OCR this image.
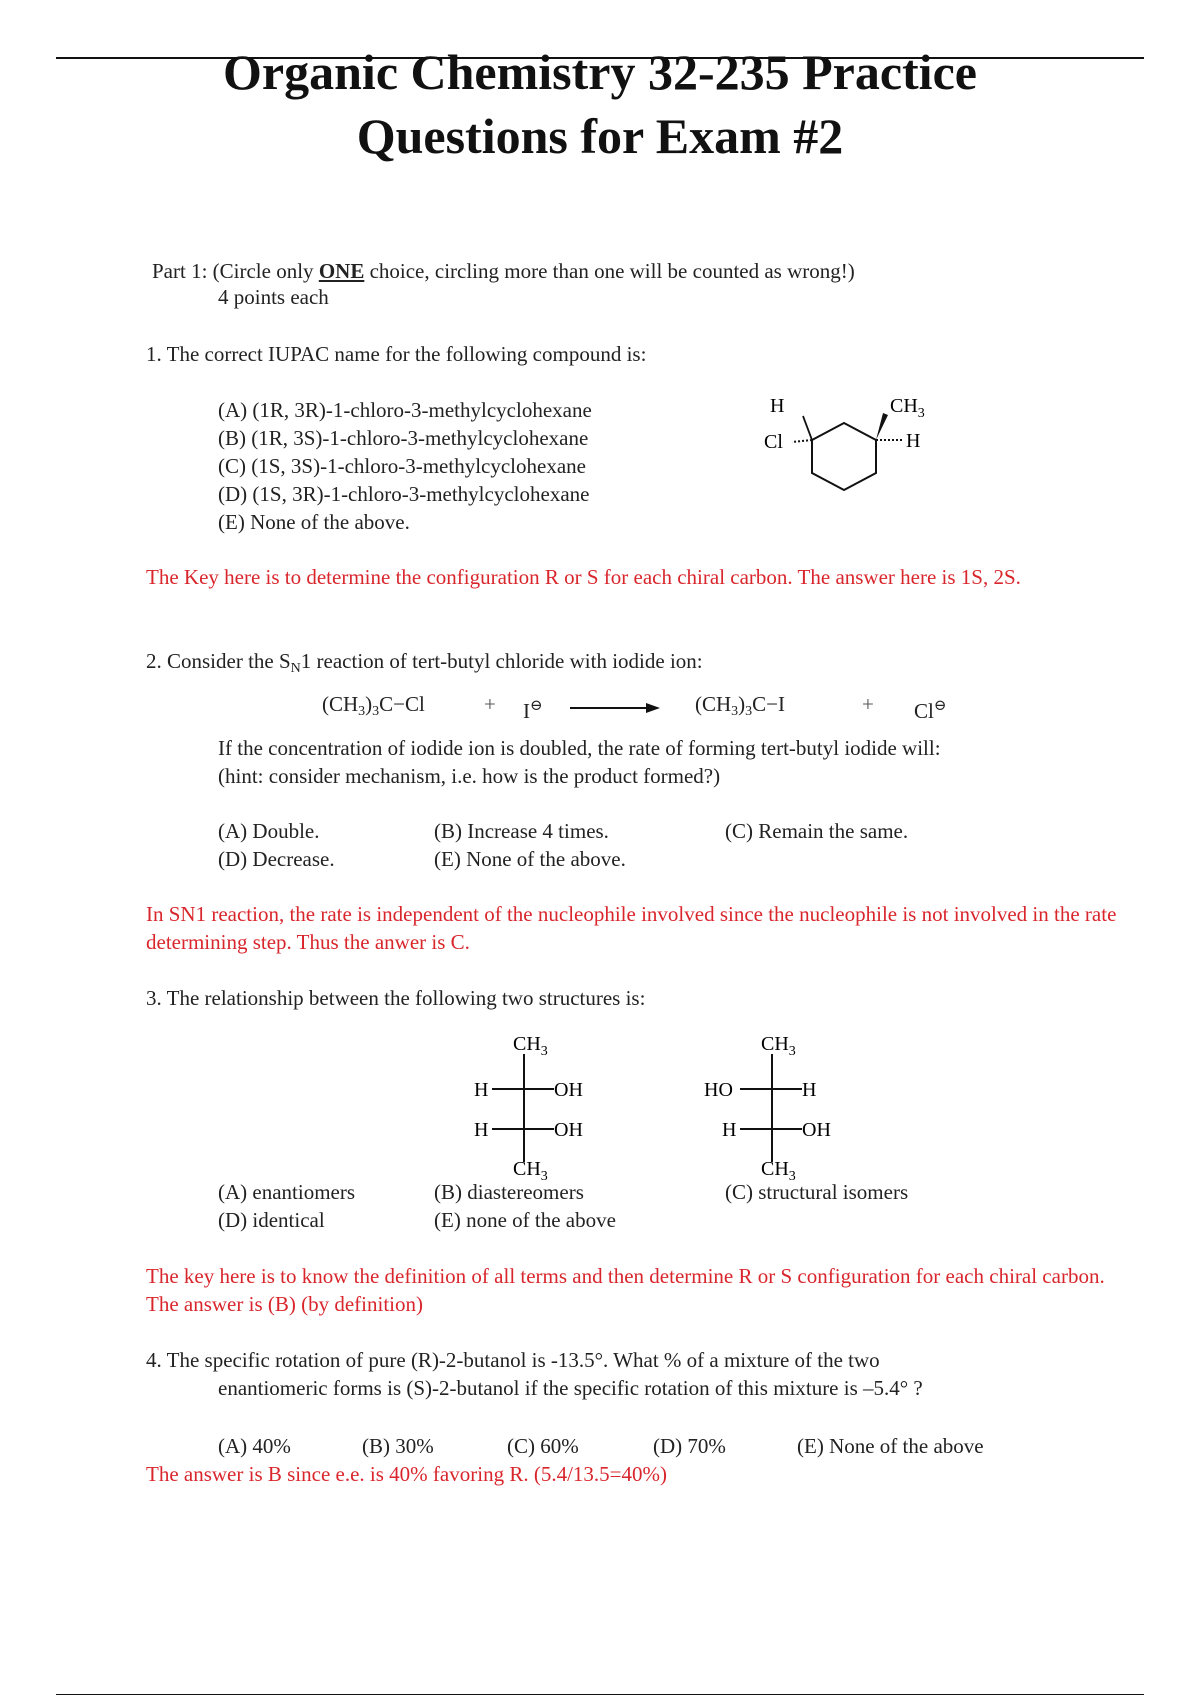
Organic Chemistry 32-235 Practice
Questions for Exam #2
Part 1: (Circle only ONE choice, circling more than one will be counted as wrong!)
4 points each
1. The correct IUPAC name for the following compound is:
(A) (1R, 3R)-1-chloro-3-methylcyclohexane
(B) (1R, 3S)-1-chloro-3-methylcyclohexane
(C) (1S, 3S)-1-chloro-3-methylcyclohexane
(D) (1S, 3R)-1-chloro-3-methylcyclohexane
(E) None of the above.
H
Cl
$CH_3$
H
The Key here is to determine the configuration R or S for each chiral carbon. The answer here is 1S, 2S.
2. Consider the $S_N1$ reaction of tert-butyl chloride with iodide ion:
$(CH_3)_3C-Cl$	+ I⊖	$(CH_3)_3C-I$	+ Cl⊖
If the concentration of iodide ion is doubled, the rate of forming tert-butyl iodide will:
(hint: consider mechanism, i.e. how is the product formed?)
(A) Double.	(B) Increase 4 times.	(C) Remain the same.
(D) Decrease.	(E) None of the above.
In SN1 reaction, the rate is independent of the nucleophile involved since the nucleophile is not involved in the rate determining step. Thus the anwer is C.
3. The relationship between the following two structures is:
$CH_3$
H	OH
H	OH
$CH_3$
$CH_3$
HO	H
H	OH
$CH_3$
(A) enantiomers	(B) diastereomers	(C) structural isomers
(D) identical	(E) none of the above
The key here is to know the definition of all terms and then determine R or S configuration for each chiral carbon. The answer is (B) (by definition)
4. The specific rotation of pure (R)-2-butanol is -13.5°. What % of a mixture of the two
enantiomeric forms is (S)-2-butanol if the specific rotation of this mixture is –5.4° ?
(A) 40%	(B) 30%	(C) 60%	(D) 70%	(E) None of the above
The answer is B since e.e. is 40% favoring R. (5.4/13.5=40%)
